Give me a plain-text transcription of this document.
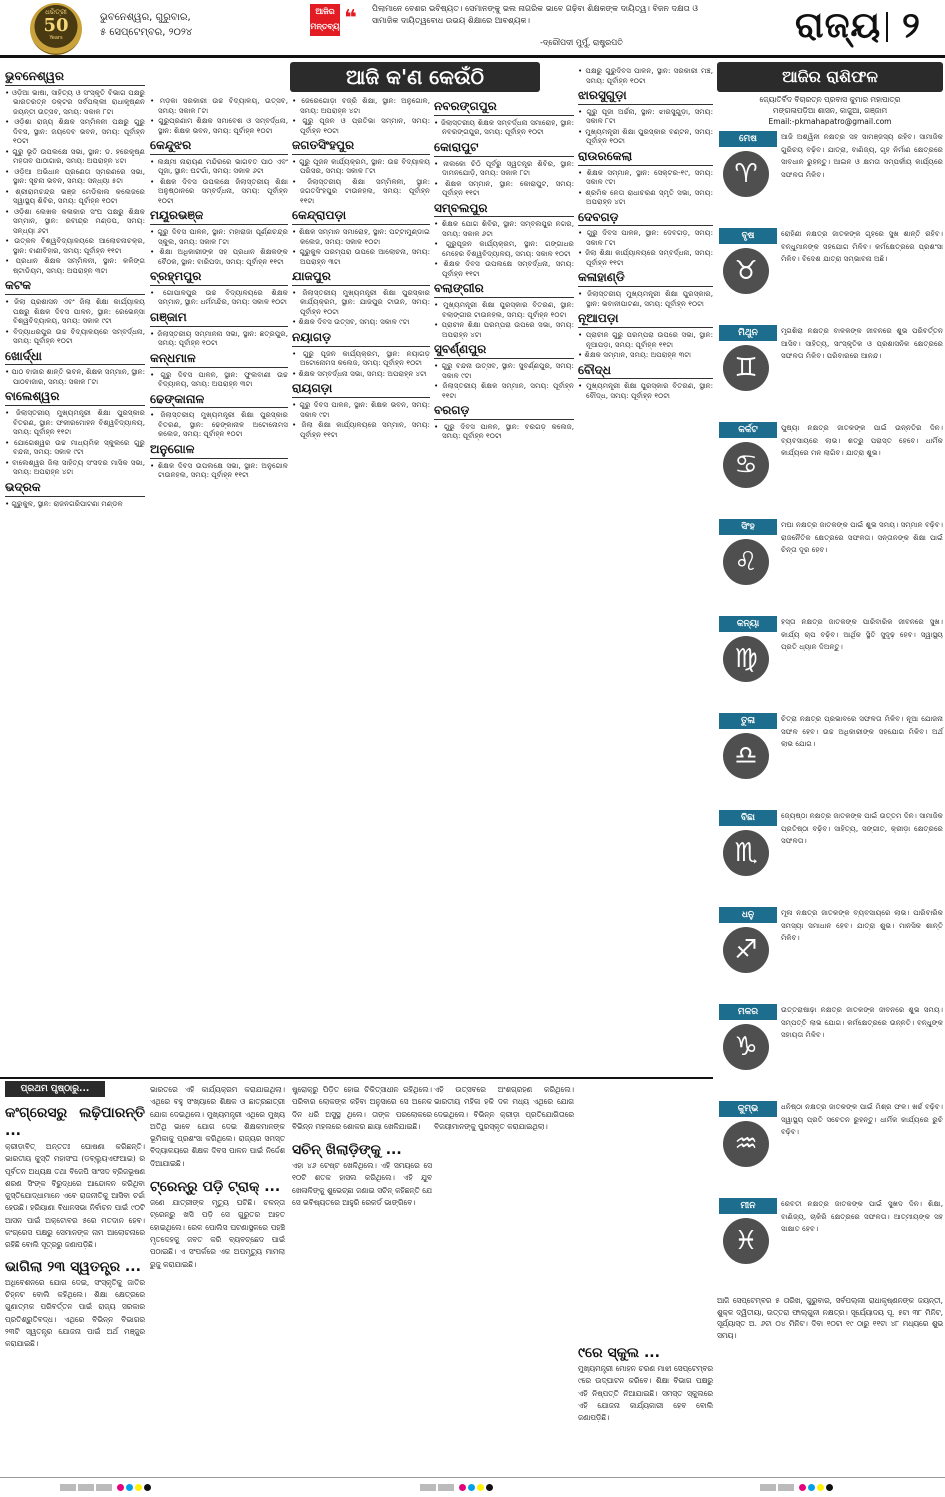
ଧରିତ୍ରୀ
50
Years
ଭୁବନେଶ୍ୱର, ଗୁରୁବାର,
୫ ସେପ୍ଟେମ୍ବର, ୨୦୨୪
ଆଜିର
ମନ୍ତବ୍ୟ ❝ ପିଲାମାନେ ବେଶର ଭବିଷ୍ୟତ। ସେମାନଙ୍କୁ ଭଲ ନାଗରିକ ଭାବେ ଗଢ଼ିବା ଶିକ୍ଷକଙ୍କ ଦାୟିତ୍ୱ। ବିଜନ ଦକ୍ଷତା ଓ ସାମାଜିକ ଦାୟିତ୍ୱବୋଧ ଉଭୟ ଶିକ୍ଷାରେ ଆବଶ୍ୟକ।
-ଦ୍ରୌପଦୀ ମୁର୍ମୁ, ରାଷ୍ଟ୍ରପତି	ରାଜ୍ୟ ୨
ଆଜି କ'ଣ କେଉଁଠି
ଭୁବନେଶ୍ୱର
• ଓଡ଼ିଆ ଭାଷା, ସାହିତ୍ୟ ଓ ସଂସ୍କୃତି ବିଭାଗ ପକ୍ଷରୁ ଭାରତରତ୍ନ ଡକ୍ଟର ସର୍ବପଲ୍ଲୀ ରାଧାକୃଷ୍ଣନ ଜୟନ୍ତୀ ଉତ୍ସବ, ସମୟ: ସକାଳ ୮ଟା
• ଓଡ଼ିଶା ରାଜ୍ୟ ଶିକ୍ଷକ ସମ୍ମିଳନୀ ପକ୍ଷରୁ ଗୁରୁ ଦିବସ, ସ୍ଥାନ: ଜୟଦେବ ଭବନ, ସମୟ: ପୂର୍ବାହ୍ନ ୧୦ଟା
• ଗୁରୁ ଭୃତି ଉପଲକ୍ଷେ ସଭା, ସ୍ଥାନ: ଡ. ହରେକୃଷ୍ଣ ମହତାବ ପାଠାଗାର, ସମୟ: ଅପରାହ୍ନ ୪ଟା
• ଓଡ଼ିଆ ଅଭିଧାନ ପ୍ରଣେତା ସ୍ମରଣରେ ସଭା, ସ୍ଥାନ: ସୂଚନା ଭବନ, ସମୟ: ସନ୍ଧ୍ୟା ୫ଟା
• ଶ୍ରୀରାମଚନ୍ଦ୍ର ଭଞ୍ଜ ମେଡିକାଲ କଲେଜରେ ସ୍ୱାସ୍ଥ୍ୟ ଶିବିର, ସମୟ: ପୂର୍ବାହ୍ନ ୧୦ଟା
• ଓଡ଼ିଶା ଲେଖକ କଳାକାର ସଂଘ ପକ୍ଷରୁ ଶିକ୍ଷକ ସମ୍ମାନ, ସ୍ଥାନ: ରବୀନ୍ଦ୍ର ମଣ୍ଡପ, ସମୟ: ସନ୍ଧ୍ୟା ୬ଟା
• ଉତ୍କଳ ବିଶ୍ୱବିଦ୍ୟାଳୟରେ ଆଲୋଚନାଚକ୍ର, ସ୍ଥାନ: ବାଣୀବିହାର, ସମୟ: ପୂର୍ବାହ୍ନ ୧୧ଟା
• ପ୍ରଧାନ ଶିକ୍ଷକ ସମ୍ମିଳନୀ, ସ୍ଥାନ: କଳିଙ୍ଗ ଷ୍ଟାଡିୟମ, ସମୟ: ଅପରାହ୍ନ ୩ଟା
କଟକ
• ଜିଲା ପ୍ରଶାସନ ଏବଂ ଜିଲା ଶିକ୍ଷା କାର୍ଯ୍ୟାଳୟ ପକ୍ଷରୁ ଶିକ୍ଷକ ଦିବସ ପାଳନ, ସ୍ଥାନ: ରେଭେନ୍ସା ବିଶ୍ୱବିଦ୍ୟାଳୟ, ସମୟ: ସକାଳ ୯ଟା
• ବିଦ୍ୟାଧରପୁର ଉଚ୍ଚ ବିଦ୍ୟାଳୟରେ ସମ୍ବର୍ଦ୍ଧନା, ସମୟ: ପୂର୍ବାହ୍ନ ୧୦ଟା
ଖୋର୍ଦ୍ଧା
• ପାଠ ବାଜାର ଶାନ୍ତି ଭବନ, ଶିକ୍ଷକ ସମ୍ମାନ, ସ୍ଥାନ: ପାଠବାଜାର, ସମୟ: ସକାଳ ୮ଟା
ବାଲେଶ୍ୱର
• ଜିଲାସ୍ତରୀୟ ମୁଖ୍ୟମନ୍ତ୍ରୀ ଶିକ୍ଷା ପୁରସ୍କାର ବିତରଣ, ସ୍ଥାନ: ଫକୀରମୋହନ ବିଶ୍ୱବିଦ୍ୟାଳୟ, ସମୟ: ପୂର୍ବାହ୍ନ ୧୧ଟା
• ଯୋଗେଶ୍ୱର ଉଚ୍ଚ ମାଧ୍ୟମିକ ସ୍କୁଲରେ ଗୁରୁ ବନ୍ଦନା, ସମୟ: ସକାଳ ୯ଟା
• ବାଲେଶ୍ୱର ଜିଲା ସାହିତ୍ୟ ସଂସଦର ମାସିକ ସଭା, ସମୟ: ଅପରାହ୍ନ ୪ଟା
ଭଦ୍ରକ
• ଗୁରୁକୁଳ, ସ୍ଥାନ: ରାଜନଗରିପାଟଣା ମଣ୍ଡଳ
• ମଡ଼କା ସରକାରୀ ଉଚ୍ଚ ବିଦ୍ୟାଳୟ, ଉତ୍ସବ, ସମୟ: ସକାଳ ୮ଟା
• ଗୁରୁପ୍ରଣାମ ଶିକ୍ଷକ ସମାବେଶ ଓ ସମ୍ବର୍ଦ୍ଧନା, ସ୍ଥାନ: ଶିକ୍ଷକ ଭବନ, ସମୟ: ପୂର୍ବାହ୍ନ ୧୦ଟା
କେନ୍ଦୁଝର
• ଲକ୍ଷ୍ମୀ ନାରାୟଣ ମନ୍ଦିରରେ ଭାଗବତ ପାଠ ଏବଂ ପୂଜା, ସ୍ଥାନ: ଘଟଗାଁ, ସମୟ: ସକାଳ ୬ଟା
• ଶିକ୍ଷକ ଦିବସ ଉପଲକ୍ଷେ ଜିଲାସ୍ତରୀୟ ଶିକ୍ଷା ଅନୁଷ୍ଠାନରେ ସମ୍ବର୍ଦ୍ଧନା, ସମୟ: ପୂର୍ବାହ୍ନ ୧୦ଟା
ମୟୂରଭଞ୍ଜ
• ଗୁରୁ ଦିବସ ପାଳନ, ସ୍ଥାନ: ମହାରାଜା ପୂର୍ଣ୍ଣଚନ୍ଦ୍ର ସ୍କୁଲ, ସମୟ: ସକାଳ ୮ଟା
• ଶିକ୍ଷା ଅଧିକାରୀଙ୍କ ସହ ପ୍ରଧାନ ଶିକ୍ଷକଙ୍କ ବୈଠକ, ସ୍ଥାନ: ବାରିପଦା, ସମୟ: ପୂର୍ବାହ୍ନ ୧୧ଟା
ବ୍ରହ୍ମପୁର
• ଗୋପାଳପୁର ଉଚ୍ଚ ବିଦ୍ୟାଳୟରେ ଶିକ୍ଷକ ସମ୍ମାନ, ସ୍ଥାନ: ଧର୍ମମନ୍ଦିର, ସମୟ: ସକାଳ ୧୦ଟା
ଗଞ୍ଜାମ
• ଜିଲାସ୍ତରୀୟ ସମ୍ମାନନା ସଭା, ସ୍ଥାନ: ଛତ୍ରପୁର, ସମୟ: ପୂର୍ବାହ୍ନ ୧୦ଟା
କନ୍ଧମାଳ
• ଗୁରୁ ଦିବସ ପାଳନ, ସ୍ଥାନ: ଫୁଲବାଣୀ ଉଚ୍ଚ ବିଦ୍ୟାଳୟ, ସମୟ: ଅପରାହ୍ନ ୩ଟା
ଢେଙ୍କାନାଳ
• ଜିଲାସ୍ତରୀୟ ମୁଖ୍ୟମନ୍ତ୍ରୀ ଶିକ୍ଷା ପୁରସ୍କାର ବିତରଣ, ସ୍ଥାନ: ଢେଙ୍କାନାଳ ଅଟୋନୋମସ କଲେଜ, ସମୟ: ପୂର୍ବାହ୍ନ ୧୦ଟା
ଅନୁଗୋଳ
• ଶିକ୍ଷକ ଦିବସ ଉପଲକ୍ଷେ ସଭା, ସ୍ଥାନ: ଅନୁଗୋଳ ଟାଉନହଲ, ସମୟ: ପୂର୍ବାହ୍ନ ୧୧ଟା
• ଜେରେଗୋଡ଼ା ବଜ୍ରି ଶିକ୍ଷା, ସ୍ଥାନ: ଅନୁଗୋଳ, ସମୟ: ଅପରାହ୍ନ ୪ଟା
• ଗୁରୁ ପୂଜନ ଓ ପ୍ରତିଭା ସମ୍ମାନ, ସମୟ: ପୂର୍ବାହ୍ନ ୧୦ଟା
ଜଗତସିଂହପୁର
• ଗୁରୁ ପୂଜନ କାର୍ଯ୍ୟକ୍ରମ, ସ୍ଥାନ: ଉଚ୍ଚ ବିଦ୍ୟାଳୟ ପରିସର, ସମୟ: ସକାଳ ୮ଟା
• ଜିଲାସ୍ତରୀୟ ଶିକ୍ଷା ସମ୍ମିଳନୀ, ସ୍ଥାନ: ଜଗତସିଂହପୁର ଟାଉନହଲ, ସମୟ: ପୂର୍ବାହ୍ନ ୧୧ଟା
କେନ୍ଦ୍ରାପଡ଼ା
• ଶିକ୍ଷକ ସମ୍ମାନ ସମାରୋହ, ସ୍ଥାନ: ପଟ୍ଟାମୁଣ୍ଡାଇ କଲେଜ, ସମୟ: ସକାଳ ୧୦ଟା
• ଗୁରୁକୁଳ ପରମ୍ପରା ଉପରେ ଆଲୋଚନା, ସମୟ: ଅପରାହ୍ନ ୩ଟା
ଯାଜପୁର
• ଜିଲାସ୍ତରୀୟ ମୁଖ୍ୟମନ୍ତ୍ରୀ ଶିକ୍ଷା ପୁରସ୍କାର କାର୍ଯ୍ୟକ୍ରମ, ସ୍ଥାନ: ଯାଜପୁର ଟାଉନ, ସମୟ: ପୂର୍ବାହ୍ନ ୧୦ଟା
• ଶିକ୍ଷକ ଦିବସ ଉତ୍ସବ, ସମୟ: ସକାଳ ୯ଟା
ନୟାଗଡ଼
• ଗୁରୁ ପୂଜନ କାର୍ଯ୍ୟକ୍ରମ, ସ୍ଥାନ: ନୟାଗଡ଼ ଅଟୋନୋମସ କଲେଜ, ସମୟ: ପୂର୍ବାହ୍ନ ୧୦ଟା
• ଶିକ୍ଷକ ସମ୍ବର୍ଦ୍ଧନା ସଭା, ସମୟ: ଅପରାହ୍ନ ୪ଟା
ରାୟଗଡ଼ା
• ଗୁରୁ ଦିବସ ପାଳନ, ସ୍ଥାନ: ଶିକ୍ଷକ ଭବନ, ସମୟ: ସକାଳ ୯ଟା
• ଜିଲା ଶିକ୍ଷା କାର୍ଯ୍ୟାଳୟରେ ସମ୍ମାନ, ସମୟ: ପୂର୍ବାହ୍ନ ୧୧ଟା
ନବରଙ୍ଗପୁର
• ଜିଲାସ୍ତରୀୟ ଶିକ୍ଷକ ସମ୍ବର୍ଦ୍ଧନା ସମାରୋହ, ସ୍ଥାନ: ନବରଙ୍ଗପୁର, ସମୟ: ପୂର୍ବାହ୍ନ ୧୦ଟା
କୋରାପୁଟ
• ନାଲକୋ ଚିଠି ପୂର୍ବରୁ ସ୍ୱତନ୍ତ୍ର ଶିବିର, ସ୍ଥାନ: ଦାମନଯୋଡ଼ି, ସମୟ: ସକାଳ ୮ଟା
• ଶିକ୍ଷକ ସମ୍ମାନ, ସ୍ଥାନ: କୋରାପୁଟ, ସମୟ: ପୂର୍ବାହ୍ନ ୧୧ଟା
ସମ୍ବଲପୁର
• ଶିକ୍ଷକ ଯୋଗ ଶିବିର, ସ୍ଥାନ: ସମ୍ବଲପୁର ନଗର, ସମୟ: ସକାଳ ୬ଟା
• ଗୁରୁପୂଜନ କାର୍ଯ୍ୟକ୍ରମ, ସ୍ଥାନ: ଗଙ୍ଗାଧର ମେହେର ବିଶ୍ୱବିଦ୍ୟାଳୟ, ସମୟ: ସକାଳ ୧୦ଟା
• ଶିକ୍ଷକ ଦିବସ ଉପଲକ୍ଷେ ସମ୍ବର୍ଦ୍ଧନା, ସମୟ: ପୂର୍ବାହ୍ନ ୧୧ଟା
ବଲାଙ୍ଗୀର
• ମୁଖ୍ୟମନ୍ତ୍ରୀ ଶିକ୍ଷା ପୁରସ୍କାର ବିତରଣ, ସ୍ଥାନ: ବଲାଙ୍ଗୀର ଟାଉନହଲ, ସମୟ: ପୂର୍ବାହ୍ନ ୧୦ଟା
• ପ୍ରାଚୀନ ଶିକ୍ଷା ପରମ୍ପରା ଉପରେ ସଭା, ସମୟ: ଅପରାହ୍ନ ୪ଟା
ସୁବର୍ଣ୍ଣପୁର
• ଗୁରୁ ବନ୍ଦନା ଉତ୍ସବ, ସ୍ଥାନ: ସୁବର୍ଣ୍ଣପୁର, ସମୟ: ସକାଳ ୯ଟା
• ଜିଲାସ୍ତରୀୟ ଶିକ୍ଷକ ସମ୍ମାନ, ସମୟ: ପୂର୍ବାହ୍ନ ୧୧ଟା
ବରଗଡ଼
• ଗୁରୁ ଦିବସ ପାଳନ, ସ୍ଥାନ: ବରଗଡ଼ କଲେଜ, ସମୟ: ପୂର୍ବାହ୍ନ ୧୦ଟା
• ପକ୍ଷରୁ ଗୁରୁଦିବସ ପାଳନ, ସ୍ଥାନ: ସରକାରୀ ମଞ୍ଚ, ସମୟ: ପୂର୍ବାହ୍ନ ୧୦ଟା
ଝାରସୁଗୁଡ଼ା
• ଗୁରୁ ପୂଜା ଅର୍ଚ୍ଚନା, ସ୍ଥାନ: ଝାରସୁଗୁଡ଼ା, ସମୟ: ସକାଳ ୮ଟା
• ମୁଖ୍ୟମନ୍ତ୍ରୀ ଶିକ୍ଷା ପୁରସ୍କାର ବଣ୍ଟନ, ସମୟ: ପୂର୍ବାହ୍ନ ୧୦ଟା
ରାଉରକେଲା
• ଶିକ୍ଷକ ସମ୍ମାନ, ସ୍ଥାନ: ସେକ୍ଟର-୧୯, ସମୟ: ସକାଳ ୯ଟା
• ଶ୍ରମିକ ନେତା ରାଧାଚରଣ ସ୍ମୃତି ସଭା, ସମୟ: ଅପରାହ୍ନ ୪ଟା
ଦେବଗଡ଼
• ଗୁରୁ ଦିବସ ପାଳନ, ସ୍ଥାନ: ଦେବଗଡ଼, ସମୟ: ସକାଳ ୮ଟା
• ଜିଲା ଶିକ୍ଷା କାର୍ଯ୍ୟାଳୟରେ ସମ୍ବର୍ଦ୍ଧନା, ସମୟ: ପୂର୍ବାହ୍ନ ୧୧ଟା
କଳାହାଣ୍ଡି
• ଜିଲାସ୍ତରୀୟ ମୁଖ୍ୟମନ୍ତ୍ରୀ ଶିକ୍ଷା ପୁରସ୍କାର, ସ୍ଥାନ: ଭବାନୀପାଟଣା, ସମୟ: ପୂର୍ବାହ୍ନ ୧୦ଟା
ନୂଆପଡ଼ା
• ପ୍ରାଚୀନ ଗୁରୁ ପରମ୍ପରା ଉପରେ ସଭା, ସ୍ଥାନ: ନୂଆପଡ଼ା, ସମୟ: ପୂର୍ବାହ୍ନ ୧୧ଟା
• ଶିକ୍ଷକ ସମ୍ମାନ, ସମୟ: ଅପରାହ୍ନ ୩ଟା
ବୌଦ୍ଧ
• ମୁଖ୍ୟମନ୍ତ୍ରୀ ଶିକ୍ଷା ପୁରସ୍କାର ବିତରଣ, ସ୍ଥାନ: ବୌଦ୍ଧ, ସମୟ: ପୂର୍ବାହ୍ନ ୧୦ଟା
ଆଜିର ରାଶିଫଳ
ଜ୍ୟୋତିର୍ବିଦ ବିଚାରତ୍ନ ପ୍ରବାସ କୁମାର ମହାପାତ୍ର
ମଙ୍ଗଳାପଡ଼ିଆ ଶାସନ, କାଜୁଆ, ଗଞ୍ଜାମ
Email:-pkmahapatro@gmail.com
ମେଷ
♈
ଆଜି ଅଶ୍ୱିନୀ ନକ୍ଷତ୍ର ସହ ସାମଞ୍ଜସ୍ୟ ରହିବ। ସାମାଜିକ ଗୁରିଚୟ ବଢ଼ିବ। ଯାତ୍ରା, ବାଣିଜ୍ୟ, ଗୃହ ନିର୍ମାଣ କ୍ଷେତ୍ରରେ ସାବଧାନ ରୁହନ୍ତୁ। ଆଇନ ଓ କ୍ଷମତା ସମ୍ପର୍କୀୟ କାର୍ଯ୍ୟରେ ସଫଳତା ମିଳିବ।
ବୃଷ
♉
ରୋହିଣୀ ନକ୍ଷତ୍ର ଜାତକଙ୍କ ଗୃହରେ ସୁଖ ଶାନ୍ତି ରହିବ। ବନ୍ଧୁମାନଙ୍କ ସହଯୋଗ ମିଳିବ। କର୍ମକ୍ଷେତ୍ରରେ ପ୍ରଶଂସା ମିଳିବ। ବିଦେଶ ଯାତ୍ରା ସମ୍ଭାବନା ଅଛି।
ମିଥୁନ
♊
ମୃଗଶିରା ନକ୍ଷତ୍ର ବାଳକଙ୍କ ଜୀବନରେ ଶୁଭ ପରିବର୍ତ୍ତନ ଆସିବ। ସାହିତ୍ୟ, ସାଂସ୍କୃତିକ ଓ ପ୍ରଶାସନିକ କ୍ଷେତ୍ରରେ ସଫଳତା ମିଳିବ। ପରିବାରରେ ଆନନ୍ଦ।
କର୍କଟ
♋
ପୁଷ୍ୟା ନକ୍ଷତ୍ର ଜାତକଙ୍କ ପାଇଁ ଉନ୍ନତିର ଦିନ। ବ୍ୟବସାୟରେ ଲାଭ। ଶତ୍ରୁ ପରାସ୍ତ ହେବେ। ଧାର୍ମିକ କାର୍ଯ୍ୟରେ ମନ ଲାଗିବ। ଯାତ୍ରା ଶୁଭ।
ସିଂହ
♌
ମଘା ନକ୍ଷତ୍ର ଜାତକଙ୍କ ପାଇଁ ଶୁଭ ସମୟ। ସମ୍ମାନ ବଢ଼ିବ। ରାଜନୈତିକ କ୍ଷେତ୍ରରେ ସଫଳତା। ସନ୍ତାନଙ୍କ ଶିକ୍ଷା ପାଇଁ ଚିନ୍ତା ଦୂର ହେବ।
କନ୍ୟା
♍
ହସ୍ତା ନକ୍ଷତ୍ର ଜାତକଙ୍କ ପାରିବାରିକ ଜୀବନରେ ସୁଖ। କାର୍ଯ୍ୟ ଚାପ ବଢ଼ିବ। ଆର୍ଥିକ ସ୍ଥିତି ସୁଦୃଢ଼ ହେବ। ସ୍ୱାସ୍ଥ୍ୟ ପ୍ରତି ଧ୍ୟାନ ଦିଅନ୍ତୁ।
ତୁଳା
♎
ଚିତ୍ରା ନକ୍ଷତ୍ର ପ୍ରଭାବରେ ସଫଳତା ମିଳିବ। ନୂଆ ଯୋଜନା ସଫଳ ହେବ। ଉଚ୍ଚ ଅଧିକାରୀଙ୍କ ସହଯୋଗ ମିଳିବ। ଅର୍ଥ ଲାଭ ଯୋଗ।
ବିଛା
♏
ଜ୍ୟେଷ୍ଠା ନକ୍ଷତ୍ର ଜାତକଙ୍କ ପାଇଁ ଉତ୍ତମ ଦିନ। ସାମାଜିକ ପ୍ରତିଷ୍ଠା ବଢ଼ିବ। ସାହିତ୍ୟ, ସଙ୍ଗୀତ, କ୍ରୀଡ଼ା କ୍ଷେତ୍ରରେ ସଫଳତା।
ଧନୁ
♐
ମୂଳା ନକ୍ଷତ୍ର ଜାତକଙ୍କ ବ୍ୟବସାୟରେ ଲାଭ। ପାରିବାରିକ ସମସ୍ୟା ସମାଧାନ ହେବ। ଯାତ୍ରା ଶୁଭ। ମାନସିକ ଶାନ୍ତି ମିଳିବ।
ମକର
♑
ଉତ୍ତରାଷାଢ଼ା ନକ୍ଷତ୍ର ଜାତକଙ୍କ ଜୀବନରେ ଶୁଭ ସମୟ। ସମ୍ପତ୍ତି ଲାଭ ଯୋଗ। କର୍ମକ୍ଷେତ୍ରରେ ଉନ୍ନତି। ବନ୍ଧୁଙ୍କ ସହାୟତା ମିଳିବ।
କୁମ୍ଭ
♒
ଧନିଷ୍ଠା ନକ୍ଷତ୍ର ଜାତକଙ୍କ ପାଇଁ ମିଶ୍ର ଫଳ। ଖର୍ଚ୍ଚ ବଢ଼ିବ। ସ୍ୱାସ୍ଥ୍ୟ ପ୍ରତି ସଚେତନ ରୁହନ୍ତୁ। ଧାର୍ମିକ କାର୍ଯ୍ୟରେ ରୁଚି ବଢ଼ିବ।
ମୀନ
♓
ରେବତୀ ନକ୍ଷତ୍ର ଜାତକଙ୍କ ପାଇଁ ସୁଖଦ ଦିନ। ଶିକ୍ଷା, ବାଣିଜ୍ୟ, ଚାକିରି କ୍ଷେତ୍ରରେ ସଫଳତା। ଆତ୍ମୀୟଙ୍କ ସହ ସାକ୍ଷାତ ହେବ।
ଆଜି ସେପ୍ଟେମ୍ବର ୫ ତାରିଖ, ଗୁରୁବାର, ସର୍ବପଲ୍ଲୀ ରାଧାକୃଷ୍ଣନଙ୍କ ଜୟନ୍ତୀ, ଶୁକ୍ଳ ଦ୍ୱିତୀୟା, ଉତ୍ତରା ଫାଲ୍ଗୁନୀ ନକ୍ଷତ୍ର। ସୂର୍ଯ୍ୟୋଦୟ ପୂ. ୫ଟା ୩୮ ମିନିଟ, ସୂର୍ଯ୍ୟାସ୍ତ ଅ. ୬ଟା ୦୪ ମିନିଟ। ଦିବା ୧୦ଟା ୧୯ ଠାରୁ ୧୧ଟା ୪୮ ମଧ୍ୟରେ ଶୁଭ ସମୟ।
ପ୍ରଥମ ପୃଷ୍ଠାରୁ...
କଂଗ୍ରେସରୁ ଲଢ଼ିପାରନ୍ତି ...
କ୍ରୀଡ଼ାବିତ୍ ଅନ୍ତତଃ ଘୋଷଣା କରିଛନ୍ତି। ଭାରତୀୟ କୁସ୍ତି ମହାସଂଘ (ଡବ୍ଲ୍ୟୁଏଫଆଇ) ର ପୂର୍ବତନ ଅଧ୍ୟକ୍ଷ ତଥା ବିଜେପି ସାଂସଦ ବ୍ରିଜଭୂଷଣ ଶରଣ ସିଂଙ୍କ ବିରୁଦ୍ଧରେ ଆନ୍ଦୋଳନ କରିଥିବା କୁସ୍ତିଯୋଦ୍ଧାମାନେ ଏବେ ରାଜନୀତିକୁ ଆସିବା ଚର୍ଚ୍ଚା ହେଉଛି। ହରିୟାଣା ବିଧାନସଭା ନିର୍ବାଚନ ପାଇଁ ୯୦ଟି ଆସନ ପାଇଁ ଅକ୍ଟୋବର ୫ରେ ମତଦାନ ହେବ। କଂଗ୍ରେସ ପକ୍ଷରୁ ସେମାନଙ୍କ ନାମ ଆଲୋଚନାରେ ରହିଛି ବୋଲି ସୂତ୍ରରୁ ଜଣାପଡ଼ିଛି।
ଭାଗିଲା ୨୩ ସ୍ୱତନ୍ତ୍ର ...
ଅଧିବେଶନରେ ଯୋଗ ଦେଇ, ସଂସ୍କୃତିକୁ ଜାତିର ଚିହ୍ନଟ ବୋଲି କହିଥିଲେ। ଶିକ୍ଷା କ୍ଷେତ୍ରରେ ଗୁଣାତ୍ମକ ପରିବର୍ତ୍ତନ ପାଇଁ ରାଜ୍ୟ ସରକାର ପ୍ରତିଶ୍ରୁତିବଦ୍ଧ। ଏଥିରେ ବିଭିନ୍ନ ବିଭାଗର ୨୩ଟି ସ୍ୱତନ୍ତ୍ର ଯୋଜନା ପାଇଁ ଅର୍ଥ ମଞ୍ଜୁର କରାଯାଇଛି।
ଭାରତରେ ଏହି କାର୍ଯ୍ୟକ୍ରମ କରାଯାଇଥିଲା। ଏଥିରେ ବହୁ ସଂଖ୍ୟାରେ ଶିକ୍ଷକ ଓ ଛାତ୍ରଛାତ୍ରୀ ଯୋଗ ଦେଇଥିଲେ। ମୁଖ୍ୟମନ୍ତ୍ରୀ ଏଥିରେ ମୁଖ୍ୟ ଅତିଥି ଭାବେ ଯୋଗ ଦେଇ ଶିକ୍ଷକମାନଙ୍କ ଭୂମିକାକୁ ପ୍ରଶଂସା କରିଥିଲେ। ରାଜ୍ୟର ସମସ୍ତ ବିଦ୍ୟାଳୟରେ ଶିକ୍ଷକ ଦିବସ ପାଳନ ପାଇଁ ନିର୍ଦ୍ଦେଶ ଦିଆଯାଇଛି।
ଟ୍ରେନ୍‌ରୁ ପଡ଼ି ଟ୍ରାକ୍ ...
ଜଣେ ଯାତ୍ରୀଙ୍କ ମୃତ୍ୟୁ ଘଟିଛି। ଚଳନ୍ତା ଟ୍ରେନ୍‌ରୁ ଖସି ପଡ଼ି ସେ ଗୁରୁତର ଆହତ ହୋଇଥିଲେ। ରେଳ ପୋଲିସ ଘଟଣାସ୍ଥଳରେ ପହଞ୍ଚି ମୃତଦେହକୁ ଜବତ କରି ବ୍ୟବଚ୍ଛେଦ ପାଇଁ ପଠାଇଛି। ଏ ସଂପର୍କରେ ଏକ ଅପମୃତ୍ୟୁ ମାମଲା ରୁଜୁ କରାଯାଇଛି।
ଷ୍ଟ୍ରୋକ୍‌ରୁ ପିଡ଼ିତ ହୋଇ ଚିକିତ୍ସାଧୀନ ରହିଥିଲେ। ପରିବାର ଲୋକଙ୍କ କହିବା ଅନୁସାରେ ସେ ଅନେକ ଦିନ ଧରି ଅସୁସ୍ଥ ଥିଲେ। ତାଙ୍କ ପରଲୋକରେ ବିଭିନ୍ନ ମହଲରେ ଶୋକର ଛାୟା ଖେଳିଯାଇଛି।
ସଚିନ୍ ଖିଲାଡ଼ିଙ୍କୁ ...
ଏହା ୪୬ ଟେଷ୍ଟ ଖେଳିଥିଲେ। ଏହି ସମୟରେ ସେ ୧୦ଟି ଶତକ ହାସଲ କରିଥିଲେ। ଏହି ଯୁବ ଖେଳାଳିଙ୍କୁ ଶୁଭେଚ୍ଛା ଜଣାଇ ସଚିନ୍ କହିଛନ୍ତି ଯେ ସେ ଭବିଷ୍ୟତରେ ଆହୁରି ରେକର୍ଡ ଭାଙ୍ଗିବେ।
ଏହି ଉତ୍ସବରେ ଅଂଶଗ୍ରହଣ କରିଥିଲେ। ଭାରତୀୟ ମହିଳା ହକି ଦଳ ମଧ୍ୟ ଏଥିରେ ଯୋଗ ଦେଇଥିଲେ। ବିଭିନ୍ନ କ୍ରୀଡ଼ା ପ୍ରତିଯୋଗିତାରେ ବିଜୟୀମାନଙ୍କୁ ପୁରସ୍କୃତ କରାଯାଇଥିଲା।
୯ରେ ସ୍କୁଲ ...
ମୁଖ୍ୟମନ୍ତ୍ରୀ ମୋହନ ଚରଣ ମାଝୀ ସେପ୍ଟେମ୍ବର ୯ରେ ଉଦ୍‌ଘାଟନ କରିବେ। ଶିକ୍ଷା ବିଭାଗ ପକ୍ଷରୁ ଏହି ନିଷ୍ପତ୍ତି ନିଆଯାଇଛି। ସମସ୍ତ ସ୍କୁଲରେ ଏହି ଯୋଜନା କାର୍ଯ୍ୟକାରୀ ହେବ ବୋଲି ଜଣାପଡ଼ିଛି।
